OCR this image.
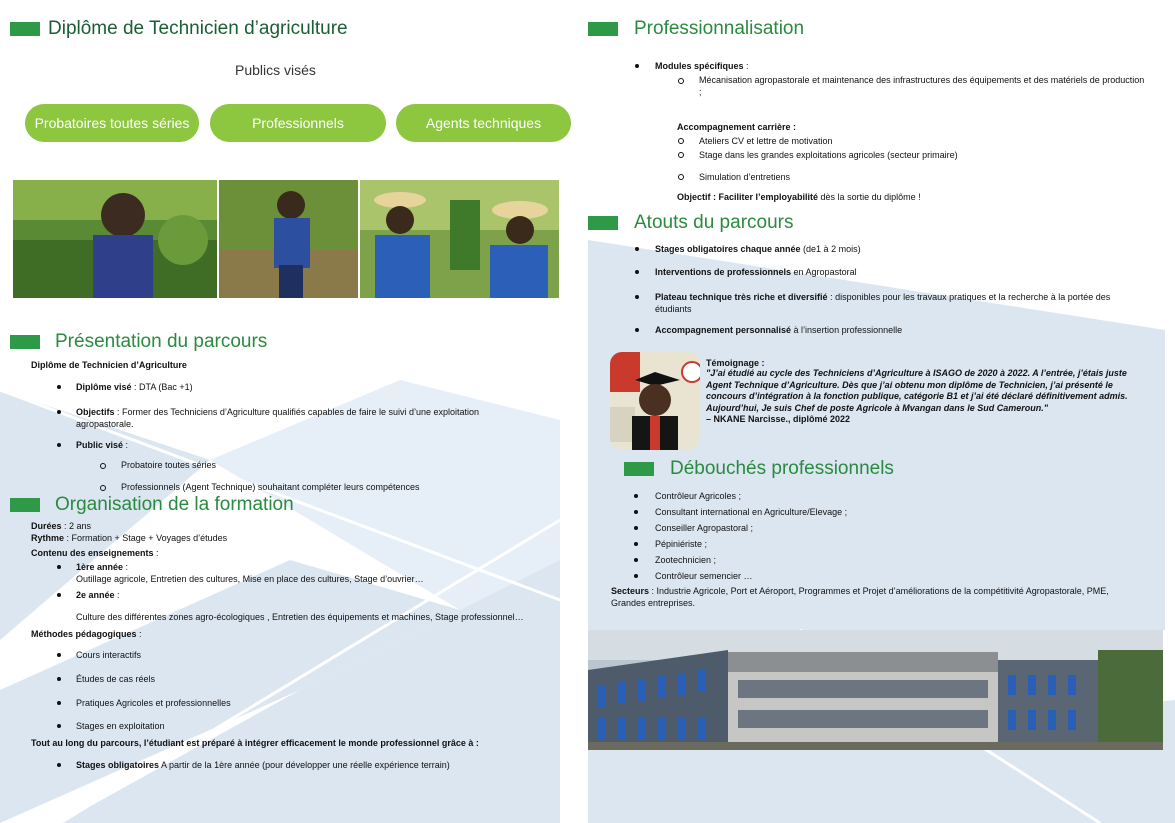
Diplôme de Technicien d’agriculture
Publics visés
Probatoires toutes séries	Professionnels	Agents techniques
Présentation du parcours
Diplôme de Technicien d’Agriculture
Diplôme visé : DTA (Bac +1)
Objectifs : Former des Techniciens d’Agriculture qualifiés capables de faire le suivi d’une exploitation agropastorale.
Public visé :
Probatoire toutes séries
Professionnels (Agent Technique) souhaitant compléter leurs compétences
Organisation de la formation
Durées : 2 ans
Rythme : Formation + Stage + Voyages d’études
Contenu des enseignements :
1ère année :
Outillage agricole, Entretien des cultures, Mise en place des cultures, Stage d’ouvrier…
2e année :
Culture des différentes zones agro-écologiques , Entretien des équipements et machines, Stage professionnel…
Méthodes pédagogiques :
Cours interactifs
Études de cas réels
Pratiques Agricoles et professionnelles
Stages en exploitation
Tout au long du parcours, l’étudiant est préparé à intégrer efficacement le monde professionnel grâce à :
Stages obligatoires A partir de la 1ère année (pour développer une réelle expérience terrain)
Professionnalisation
Modules spécifiques :
Mécanisation agropastorale et maintenance des infrastructures des équipements et des matériels de production ;
Accompagnement carrière :
Ateliers CV et lettre de motivation
Stage dans les grandes exploitations agricoles (secteur primaire)
Simulation d’entretiens
Objectif : Faciliter l’employabilité dès la sortie du diplôme !
Atouts du parcours
Stages obligatoires chaque année (de1 à 2 mois)
Interventions de professionnels en Agropastoral
Plateau technique très riche et diversifié : disponibles pour les travaux pratiques et la recherche à la portée des étudiants
Accompagnement personnalisé à l’insertion professionnelle
Témoignage :
"J’ai étudié au cycle des Techniciens d’Agriculture à ISAGO de 2020 à 2022. A l’entrée, j’étais juste Agent Technique d’Agriculture. Dès que j’ai obtenu mon diplôme de Technicien, j’ai présenté le concours d’intégration à la fonction publique, catégorie B1 et j’ai été déclaré définitivement admis. Aujourd’hui, Je suis Chef de poste Agricole à Mvangan dans le Sud Cameroun."
– NKANE Narcisse., diplômé 2022
Débouchés professionnels
Contrôleur Agricoles ;
Consultant international en Agriculture/Elevage ;
Conseiller Agropastoral ;
Pépiniériste ;
Zootechnicien ;
Contrôleur semencier …
Secteurs : Industrie Agricole, Port et Aéroport, Programmes et Projet d’améliorations de la compétitivité Agropastorale, PME, Grandes entreprises.
